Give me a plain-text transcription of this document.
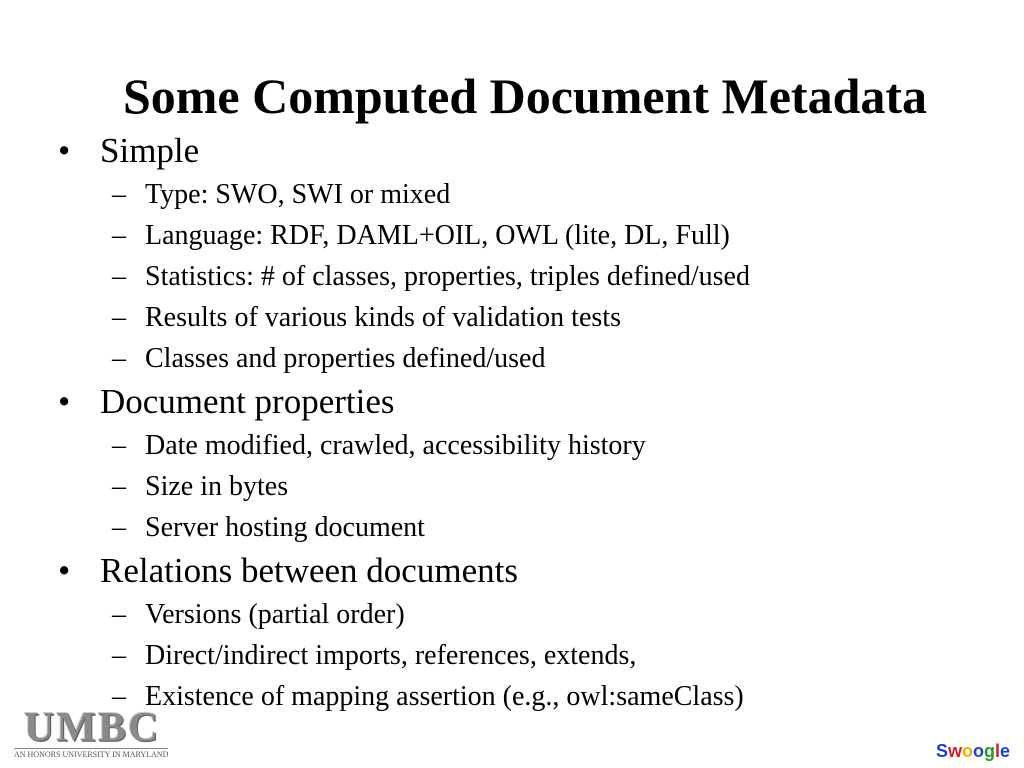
Some Computed Document Metadata
• Simple
– Type: SWO, SWI or mixed
– Language: RDF, DAML+OIL, OWL (lite, DL, Full)
– Statistics: # of classes, properties, triples defined/used
– Results of various kinds of validation tests
– Classes and properties defined/used
• Document properties
– Date modified, crawled, accessibility history
– Size in bytes
– Server hosting document
• Relations between documents
– Versions (partial order)
– Direct/indirect imports, references, extends,
– Existence of mapping assertion (e.g., owl:sameClass)
UMBC
AN HONORS UNIVERSITY IN MARYLAND	Swoogle
